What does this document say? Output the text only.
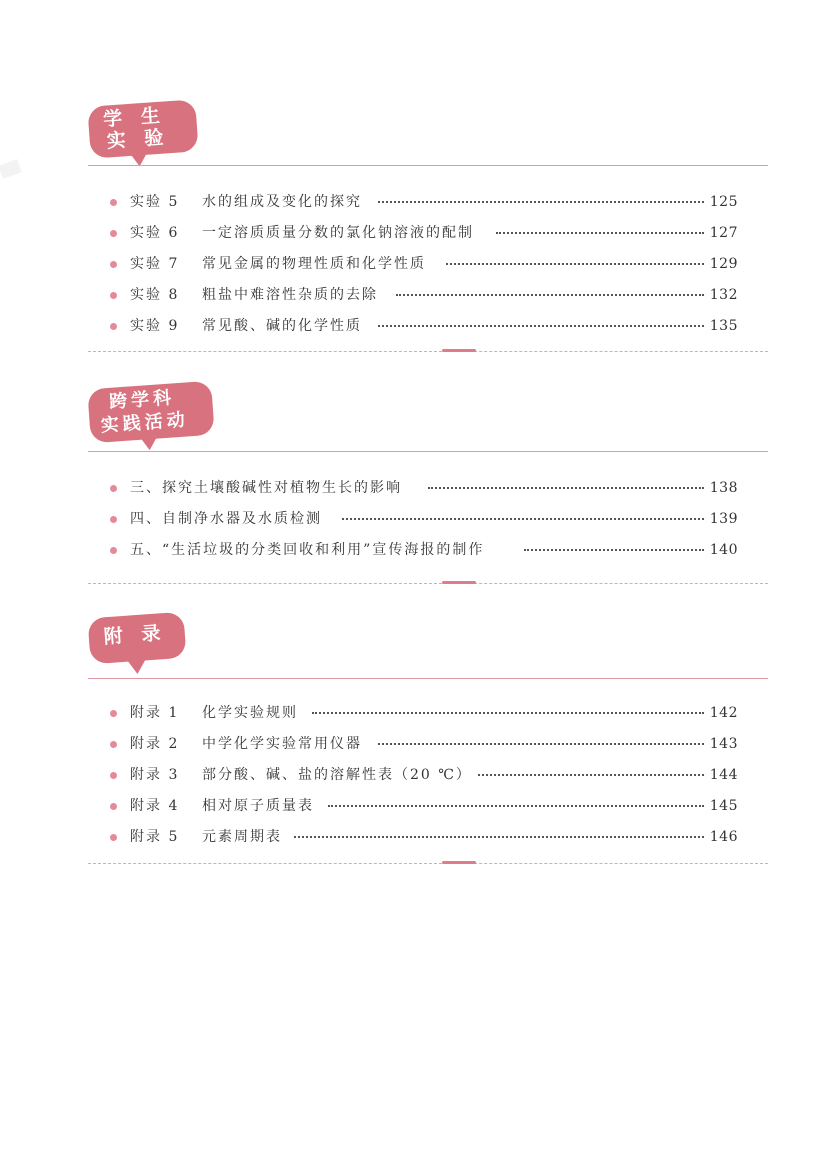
学 生
实 验
实验 5 水的组成及变化的探究	125
实验 6 一定溶质质量分数的氯化钠溶液的配制	127
实验 7 常见金属的物理性质和化学性质	129
实验 8 粗盐中难溶性杂质的去除	132
实验 9 常见酸、碱的化学性质	135
跨学科
实践活动
三、探究土壤酸碱性对植物生长的影响	138
四、自制净水器及水质检测	139
五、“生活垃圾的分类回收和利用”宣传海报的制作	140
附 录
附录 1 化学实验规则	142
附录 2 中学化学实验常用仪器	143
附录 3 部分酸、碱、盐的溶解性表（20 ℃）	144
附录 4 相对原子质量表	145
附录 5 元素周期表	146
